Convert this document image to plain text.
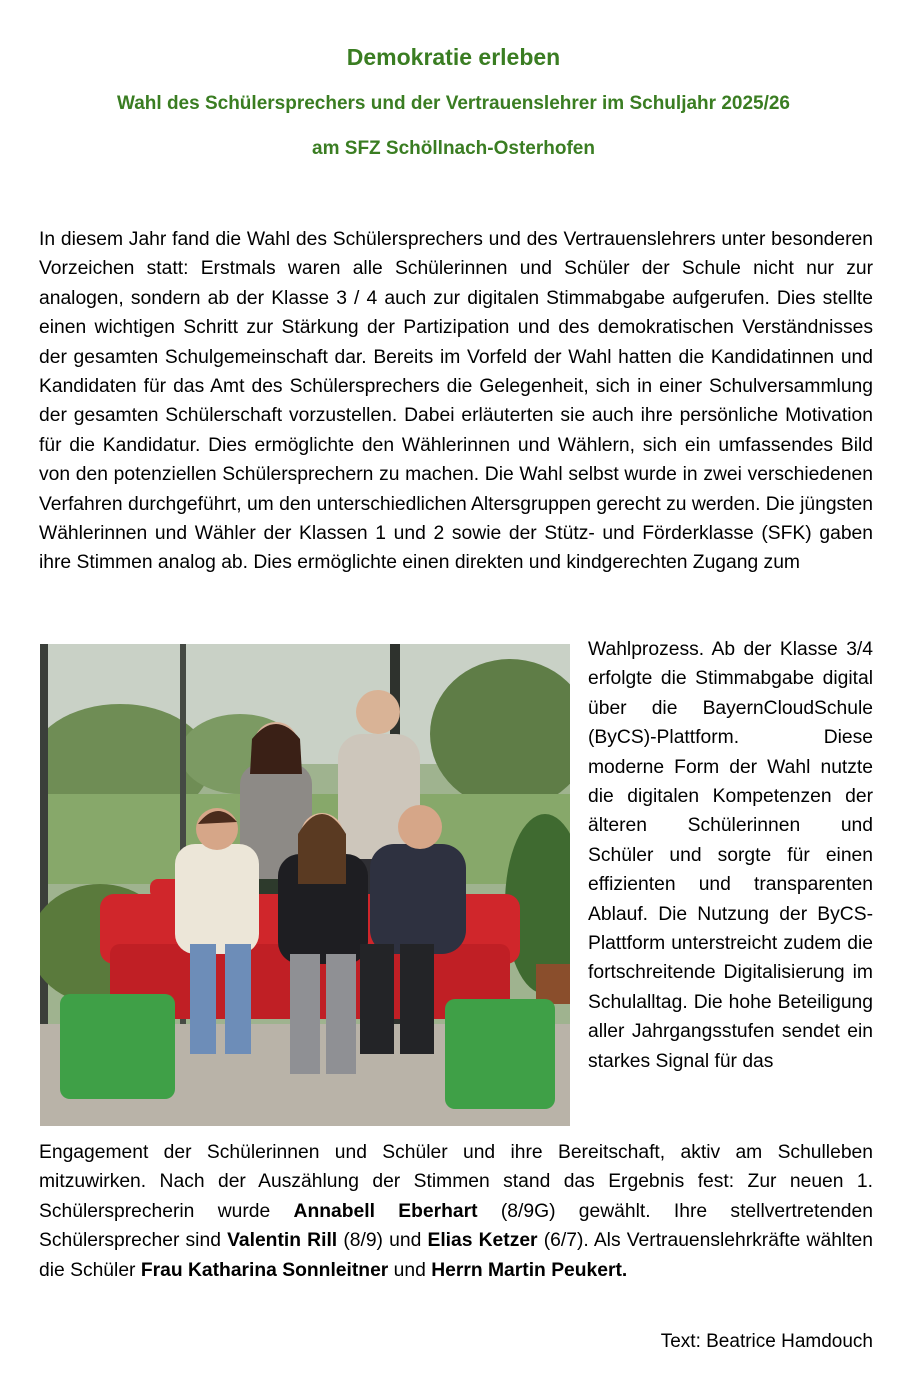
Demokratie erleben
Wahl des Schülersprechers und der Vertrauenslehrer im Schuljahr 2025/26
am SFZ Schöllnach-Osterhofen

In diesem Jahr fand die Wahl des Schülersprechers und des Vertrauenslehrers unter besonderen Vorzeichen statt: Erstmals waren alle Schülerinnen und Schüler der Schule nicht nur zur analogen, sondern ab der Klasse 3 / 4 auch zur digitalen Stimmabgabe aufgerufen. Dies stellte einen wichtigen Schritt zur Stärkung der Partizipation und des demokratischen Verständnisses der gesamten Schulgemeinschaft dar. Bereits im Vorfeld der Wahl hatten die Kandidatinnen und Kandidaten für das Amt des Schülersprechers die Gelegenheit, sich in einer Schulversammlung der gesamten Schülerschaft vorzustellen. Dabei erläuterten sie auch ihre persönliche Motivation für die Kandidatur. Dies ermöglichte den Wählerinnen und Wählern, sich ein umfassendes Bild von den potenziellen Schülersprechern zu machen. Die Wahl selbst wurde in zwei verschiedenen Verfahren durchgeführt, um den unterschiedlichen Altersgruppen gerecht zu werden. Die jüngsten Wählerinnen und Wähler der Klassen 1 und 2 sowie der Stütz- und Förderklasse (SFK) gaben ihre Stimmen analog ab. Dies ermöglichte einen direkten und kindgerechten Zugang zum

Wahlprozess. Ab der Klasse 3/4 erfolgte die Stimmabgabe digital über die BayernCloudSchule (ByCS)-Plattform. Diese moderne Form der Wahl nutzte die digitalen Kompetenzen der älteren Schülerinnen und Schüler und sorgte für einen effizienten und transparenten Ablauf. Die Nutzung der ByCS-Plattform unterstreicht zudem die fortschreitende Digitalisierung im Schulalltag. Die hohe Beteiligung aller Jahrgangsstufen sendet ein starkes Signal für das

Engagement der Schülerinnen und Schüler und ihre Bereitschaft, aktiv am Schulleben mitzuwirken. Nach der Auszählung der Stimmen stand das Ergebnis fest: Zur neuen 1. Schülersprecherin wurde Annabell Eberhart (8/9G) gewählt. Ihre stellvertretenden Schülersprecher sind Valentin Rill (8/9) und Elias Ketzer (6/7). Als Vertrauenslehrkräfte wählten die Schüler Frau Katharina Sonnleitner und Herrn Martin Peukert.

Text: Beatrice Hamdouch
